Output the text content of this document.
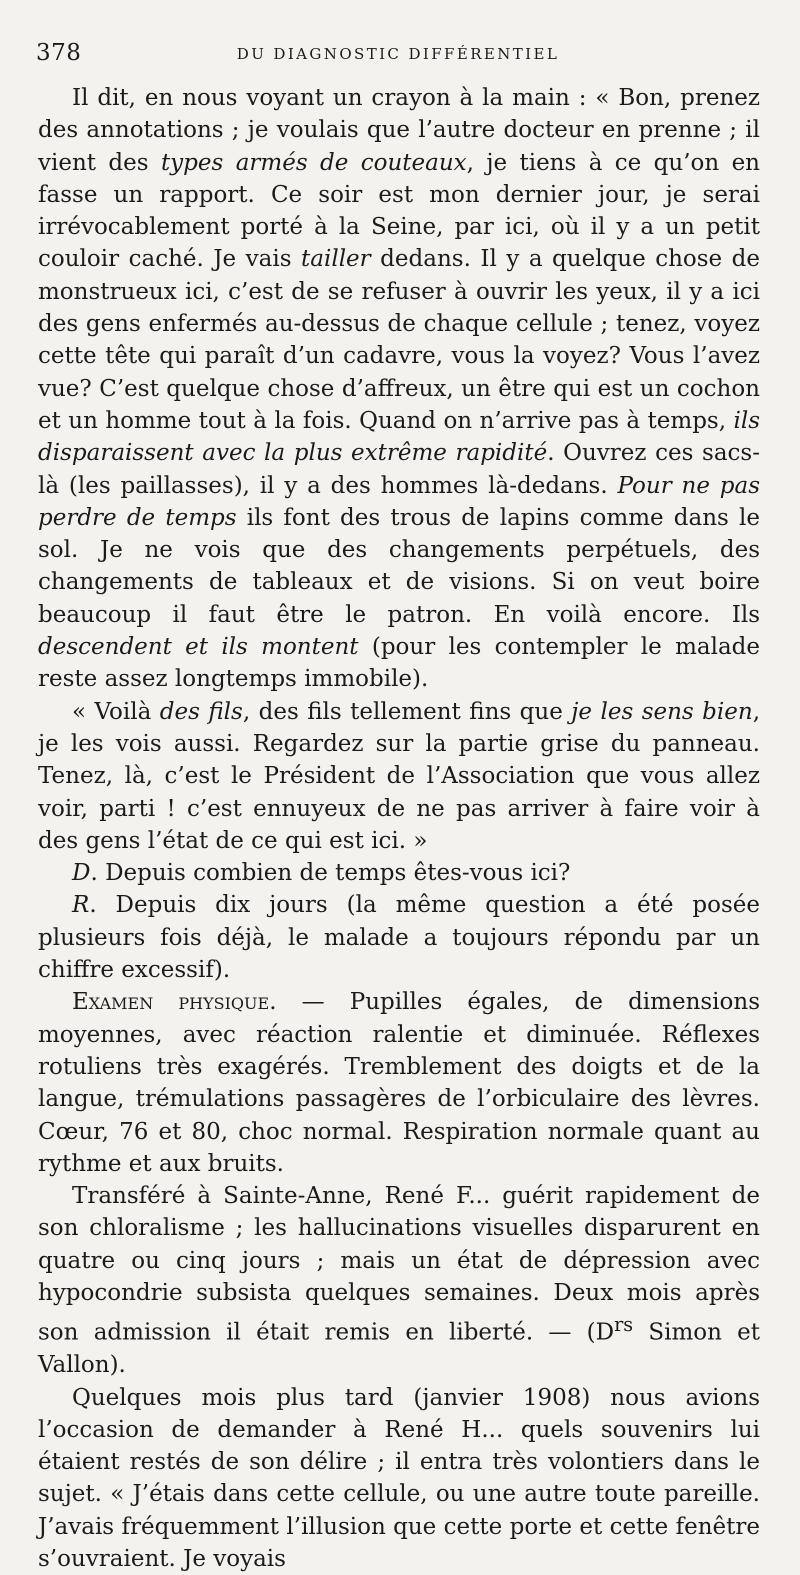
378	DU DIAGNOSTIC DIFFÉRENTIEL

Il dit, en nous voyant un crayon à la main : « Bon, prenez des annotations ; je voulais que l’autre docteur en prenne ; il vient des types armés de couteaux, je tiens à ce qu’on en fasse un rapport. Ce soir est mon dernier jour, je serai irrévocablement porté à la Seine, par ici, où il y a un petit couloir caché. Je vais tailler dedans. Il y a quelque chose de monstrueux ici, c’est de se refuser à ouvrir les yeux, il y a ici des gens enfermés au-dessus de chaque cellule ; tenez, voyez cette tête qui paraît d’un cadavre, vous la voyez? Vous l’avez vue? C’est quelque chose d’affreux, un être qui est un cochon et un homme tout à la fois. Quand on n’arrive pas à temps, ils disparaissent avec la plus extrême rapidité. Ouvrez ces sacs-là (les paillasses), il y a des hommes là-dedans. Pour ne pas perdre de temps ils font des trous de lapins comme dans le sol. Je ne vois que des changements perpétuels, des changements de tableaux et de visions. Si on veut boire beaucoup il faut être le patron. En voilà encore. Ils descendent et ils montent (pour les contempler le malade reste assez longtemps immobile).

« Voilà des fils, des fils tellement fins que je les sens bien, je les vois aussi. Regardez sur la partie grise du panneau. Tenez, là, c’est le Président de l’Association que vous allez voir, parti ! c’est ennuyeux de ne pas arriver à faire voir à des gens l’état de ce qui est ici. »

D. Depuis combien de temps êtes-vous ici?

R. Depuis dix jours (la même question a été posée plusieurs fois déjà, le malade a toujours répondu par un chiffre excessif).

Examen physique. — Pupilles égales, de dimensions moyennes, avec réaction ralentie et diminuée. Réflexes rotuliens très exagérés. Tremblement des doigts et de la langue, trémulations passagères de l’orbiculaire des lèvres. Cœur, 76 et 80, choc normal. Respiration normale quant au rythme et aux bruits.

Transféré à Sainte-Anne, René F... guérit rapidement de son chloralisme ; les hallucinations visuelles disparurent en quatre ou cinq jours ; mais un état de dépression avec hypocondrie subsista quelques semaines. Deux mois après son admission il était remis en liberté. — ($D^{rs}$ Simon et Vallon).

Quelques mois plus tard (janvier 1908) nous avions l’occasion de demander à René H... quels souvenirs lui étaient restés de son délire ; il entra très volontiers dans le sujet. « J’étais dans cette cellule, ou une autre toute pareille. J’avais fréquemment l’illusion que cette porte et cette fenêtre s’ouvraient. Je voyais
